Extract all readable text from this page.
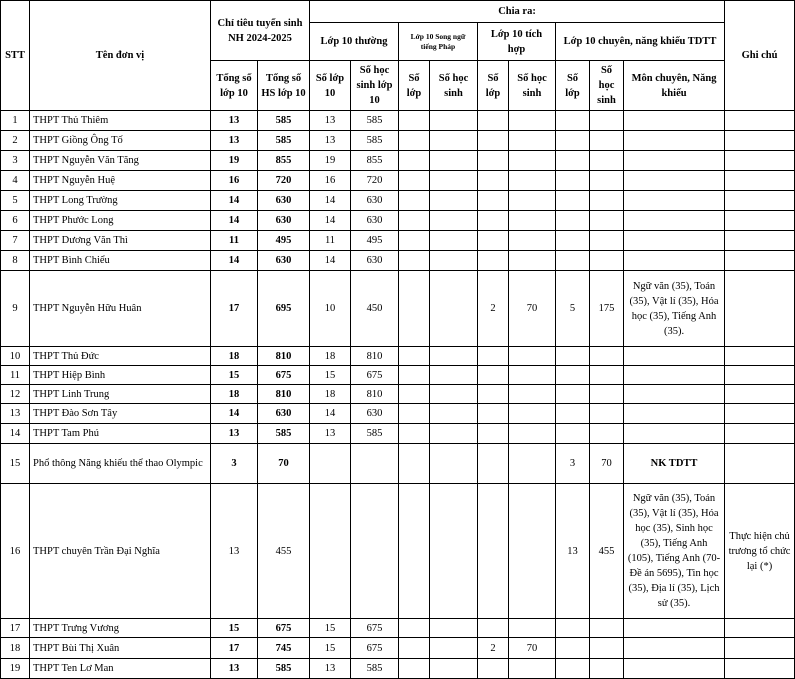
STT	Tên đơn vị	Chỉ tiêu tuyển sinh NH 2024-2025		Chia ra:									Ghi chú
				Lớp 10 thường		Lớp 10 Song ngữ tiếng Pháp		Lớp 10 tích hợp		Lớp 10 chuyên, năng khiếu TDTT			
		Tổng số lớp 10	Tổng số HS lớp 10	Số lớp 10	Số học sinh lớp 10	Số lớp	Số học sinh	Số lớp	Số học sinh	Số lớp	Số học sinh	Môn chuyên, Năng khiếu	
1	THPT Thủ Thiêm	13	585	13	585								
2	THPT Giồng Ông Tố	13	585	13	585								
3	THPT Nguyễn Văn Tăng	19	855	19	855								
4	THPT Nguyễn Huệ	16	720	16	720								
5	THPT Long Trường	14	630	14	630								
6	THPT Phước Long	14	630	14	630								
7	THPT Dương Văn Thì	11	495	11	495								
8	THPT Bình Chiểu	14	630	14	630								
9	THPT Nguyễn Hữu Huân	17	695	10	450			2	70	5	175	Ngữ văn (35), Toán (35), Vật lí (35), Hóa học (35), Tiếng Anh (35).	
10	THPT Thủ Đức	18	810	18	810								
11	THPT Hiệp Bình	15	675	15	675								
12	THPT Linh Trung	18	810	18	810								
13	THPT Đào Sơn Tây	14	630	14	630								
14	THPT Tam Phú	13	585	13	585								
15	Phổ thông Năng khiếu thể thao Olympic	3	70							3	70	NK TDTT	
16	THPT chuyên Trần Đại Nghĩa	13	455							13	455	Ngữ văn (35), Toán (35), Vật lí (35), Hóa học (35), Sinh học (35), Tiếng Anh (105), Tiếng Anh (70-Đề án 5695), Tin học (35), Địa lí (35), Lịch sử (35).	Thực hiện chủ trương tổ chức lại (*)
17	THPT Trưng Vương	15	675	15	675								
18	THPT Bùi Thị Xuân	17	745	15	675			2	70				
19	THPT Ten Lơ Man	13	585	13	585								
